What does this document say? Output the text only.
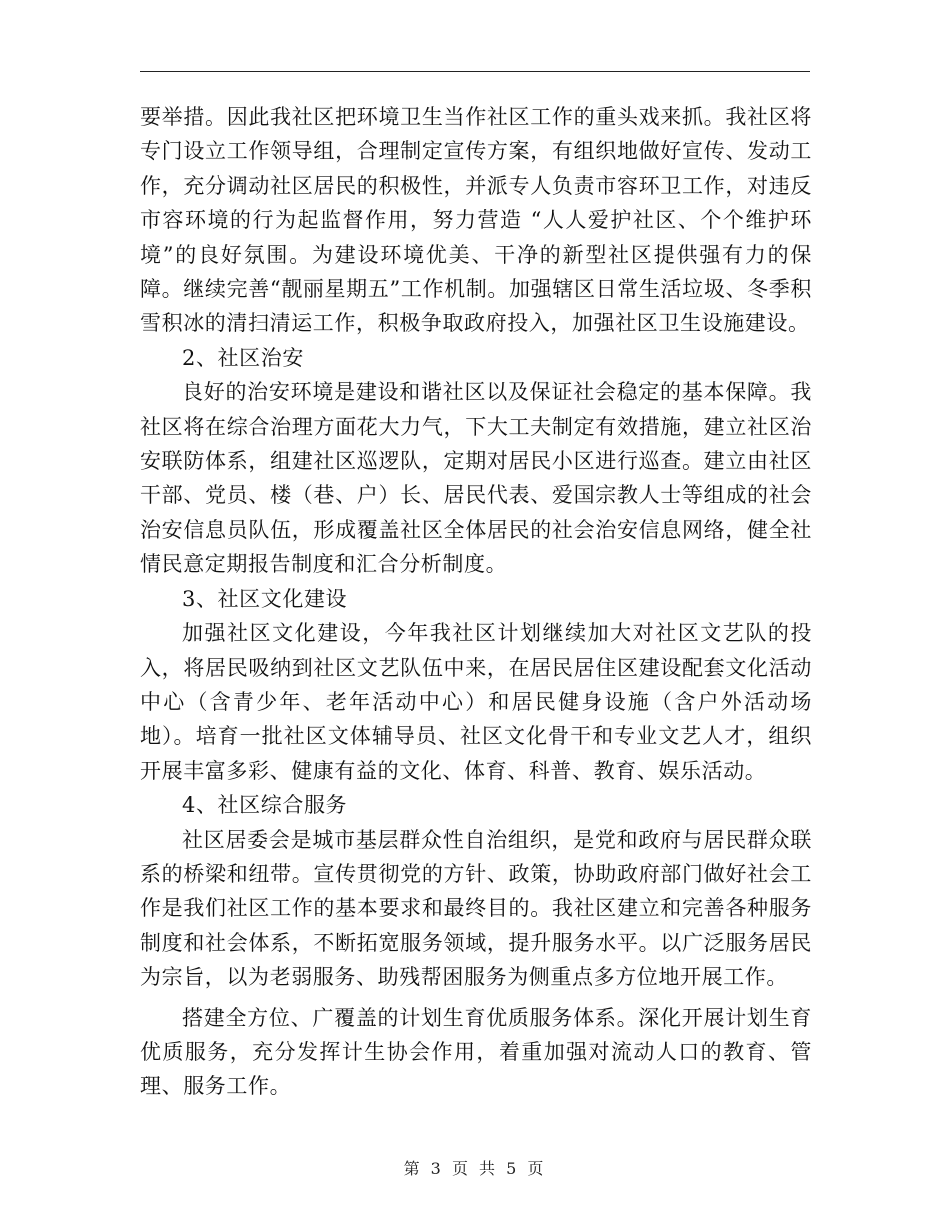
要举措。因此我社区把环境卫生当作社区工作的重头戏来抓。我社区将专门设立工作领导组，合理制定宣传方案，有组织地做好宣传、发动工作，充分调动社区居民的积极性，并派专人负责市容环卫工作，对违反市容环境的行为起监督作用，努力营造 “人人爱护社区、个个维护环境”的良好氛围。为建设环境优美、干净的新型社区提供强有力的保障。继续完善“靓丽星期五”工作机制。加强辖区日常生活垃圾、冬季积雪积冰的清扫清运工作，积极争取政府投入，加强社区卫生设施建设。

2、社区治安

良好的治安环境是建设和谐社区以及保证社会稳定的基本保障。我社区将在综合治理方面花大力气，下大工夫制定有效措施，建立社区治安联防体系，组建社区巡逻队，定期对居民小区进行巡查。建立由社区干部、党员、楼（巷、户）长、居民代表、爱国宗教人士等组成的社会治安信息员队伍，形成覆盖社区全体居民的社会治安信息网络，健全社情民意定期报告制度和汇合分析制度。

3、社区文化建设

加强社区文化建设，今年我社区计划继续加大对社区文艺队的投入，将居民吸纳到社区文艺队伍中来，在居民居住区建设配套文化活动中心（含青少年、老年活动中心）和居民健身设施（含户外活动场地）。培育一批社区文体辅导员、社区文化骨干和专业文艺人才，组织开展丰富多彩、健康有益的文化、体育、科普、教育、娱乐活动。

4、社区综合服务

社区居委会是城市基层群众性自治组织，是党和政府与居民群众联系的桥梁和纽带。宣传贯彻党的方针、政策，协助政府部门做好社会工作是我们社区工作的基本要求和最终目的。我社区建立和完善各种服务制度和社会体系，不断拓宽服务领域，提升服务水平。以广泛服务居民为宗旨，以为老弱服务、助残帮困服务为侧重点多方位地开展工作。

搭建全方位、广覆盖的计划生育优质服务体系。深化开展计划生育优质服务，充分发挥计生协会作用，着重加强对流动人口的教育、管理、服务工作。

第 3 页 共 5 页
